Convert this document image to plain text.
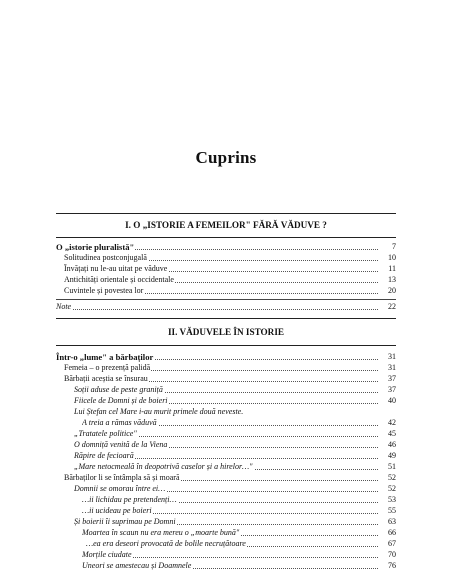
Cuprins
I. O „ISTORIE A FEMEILOR" FĂRĂ VĂDUVE ?
O „istorie pluralistă"	7
Solitudinea postconjugală	10
Învățați nu le-au uitat pe văduve	11
Antichități orientale și occidentale	13
Cuvintele și povestea lor	20
Note	22
II. VĂDUVELE ÎN ISTORIE
Într-o „lume" a bărbaților	31
Femeia – o prezență palidă	31
Bărbații aceștia se însurau	37
Soții aduse de peste graniță	37
Fiicele de Domni și de boieri	40
Lui Ștefan cel Mare i-au murit primele două neveste.
A treia a rămas văduvă	42
„Tratatele politice"	45
O domniță venită de la Viena	46
Răpire de fecioară	49
„Mare netocmeală în deopotrivă caselor și a hirelor…"	51
Bărbaților li se întâmpla să și moară	52
Domnii se omorau între ei…	52
…ii lichidau pe pretendenți…	53
…ii ucideau pe boieri	55
Și boierii îi suprimau pe Domni	63
Moartea în scaun nu era mereu o „moarte bună"	66
…ea era deseori provocată de bolile necruțătoare	67
Morțile ciudate	70
Uneori se amestecau și Doamnele	76
